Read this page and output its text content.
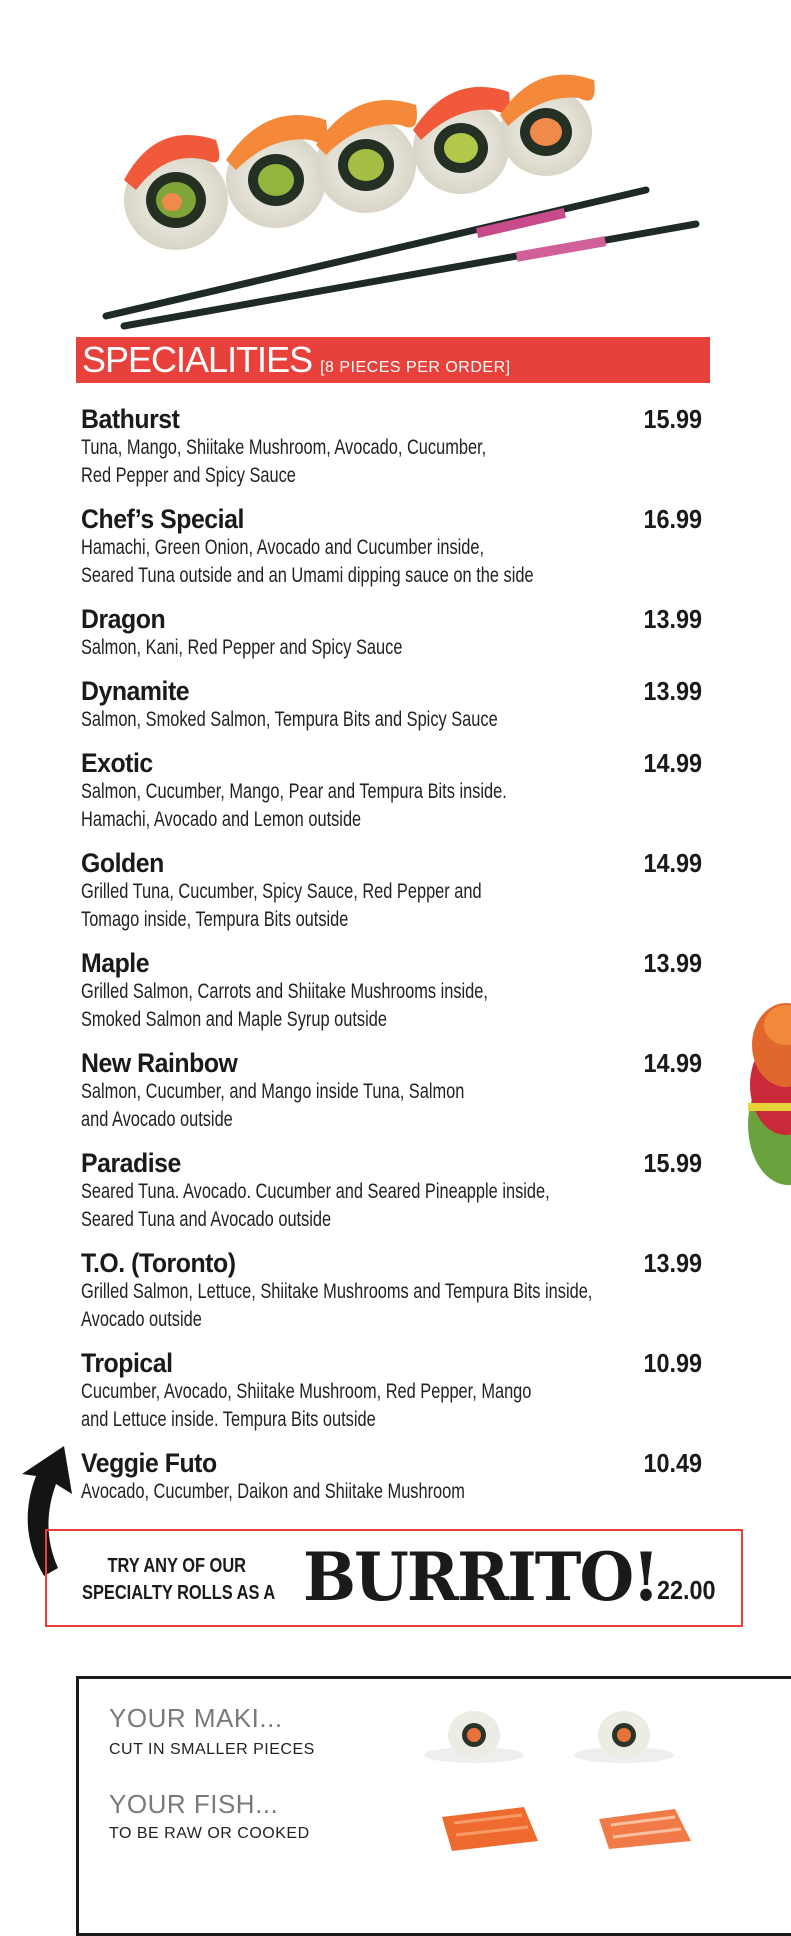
SPECIALITIES [8 PIECES PER ORDER]
Bathurst	15.99
Tuna, Mango, Shiitake Mushroom, Avocado, Cucumber,
Red Pepper and Spicy Sauce
Chef’s Special	16.99
Hamachi, Green Onion, Avocado and Cucumber inside,
Seared Tuna outside and an Umami dipping sauce on the side
Dragon	13.99
Salmon, Kani, Red Pepper and Spicy Sauce
Dynamite	13.99
Salmon, Smoked Salmon, Tempura Bits and Spicy Sauce
Exotic	14.99
Salmon, Cucumber, Mango, Pear and Tempura Bits inside.
Hamachi, Avocado and Lemon outside
Golden	14.99
Grilled Tuna, Cucumber, Spicy Sauce, Red Pepper and
Tomago inside, Tempura Bits outside
Maple	13.99
Grilled Salmon, Carrots and Shiitake Mushrooms inside,
Smoked Salmon and Maple Syrup outside
New Rainbow	14.99
Salmon, Cucumber, and Mango inside Tuna, Salmon
and Avocado outside
Paradise	15.99
Seared Tuna. Avocado. Cucumber and Seared Pineapple inside,
Seared Tuna and Avocado outside
T.O. (Toronto)	13.99
Grilled Salmon, Lettuce, Shiitake Mushrooms and Tempura Bits inside,
Avocado outside
Tropical	10.99
Cucumber, Avocado, Shiitake Mushroom, Red Pepper, Mango
and Lettuce inside. Tempura Bits outside
Veggie Futo	10.49
Avocado, Cucumber, Daikon and Shiitake Mushroom
TRY ANY OF OUR
SPECIALTY ROLLS AS A BURRITO! 22.00
YOUR MAKI...
CUT IN SMALLER PIECES
YOUR FISH...
TO BE RAW OR COOKED
